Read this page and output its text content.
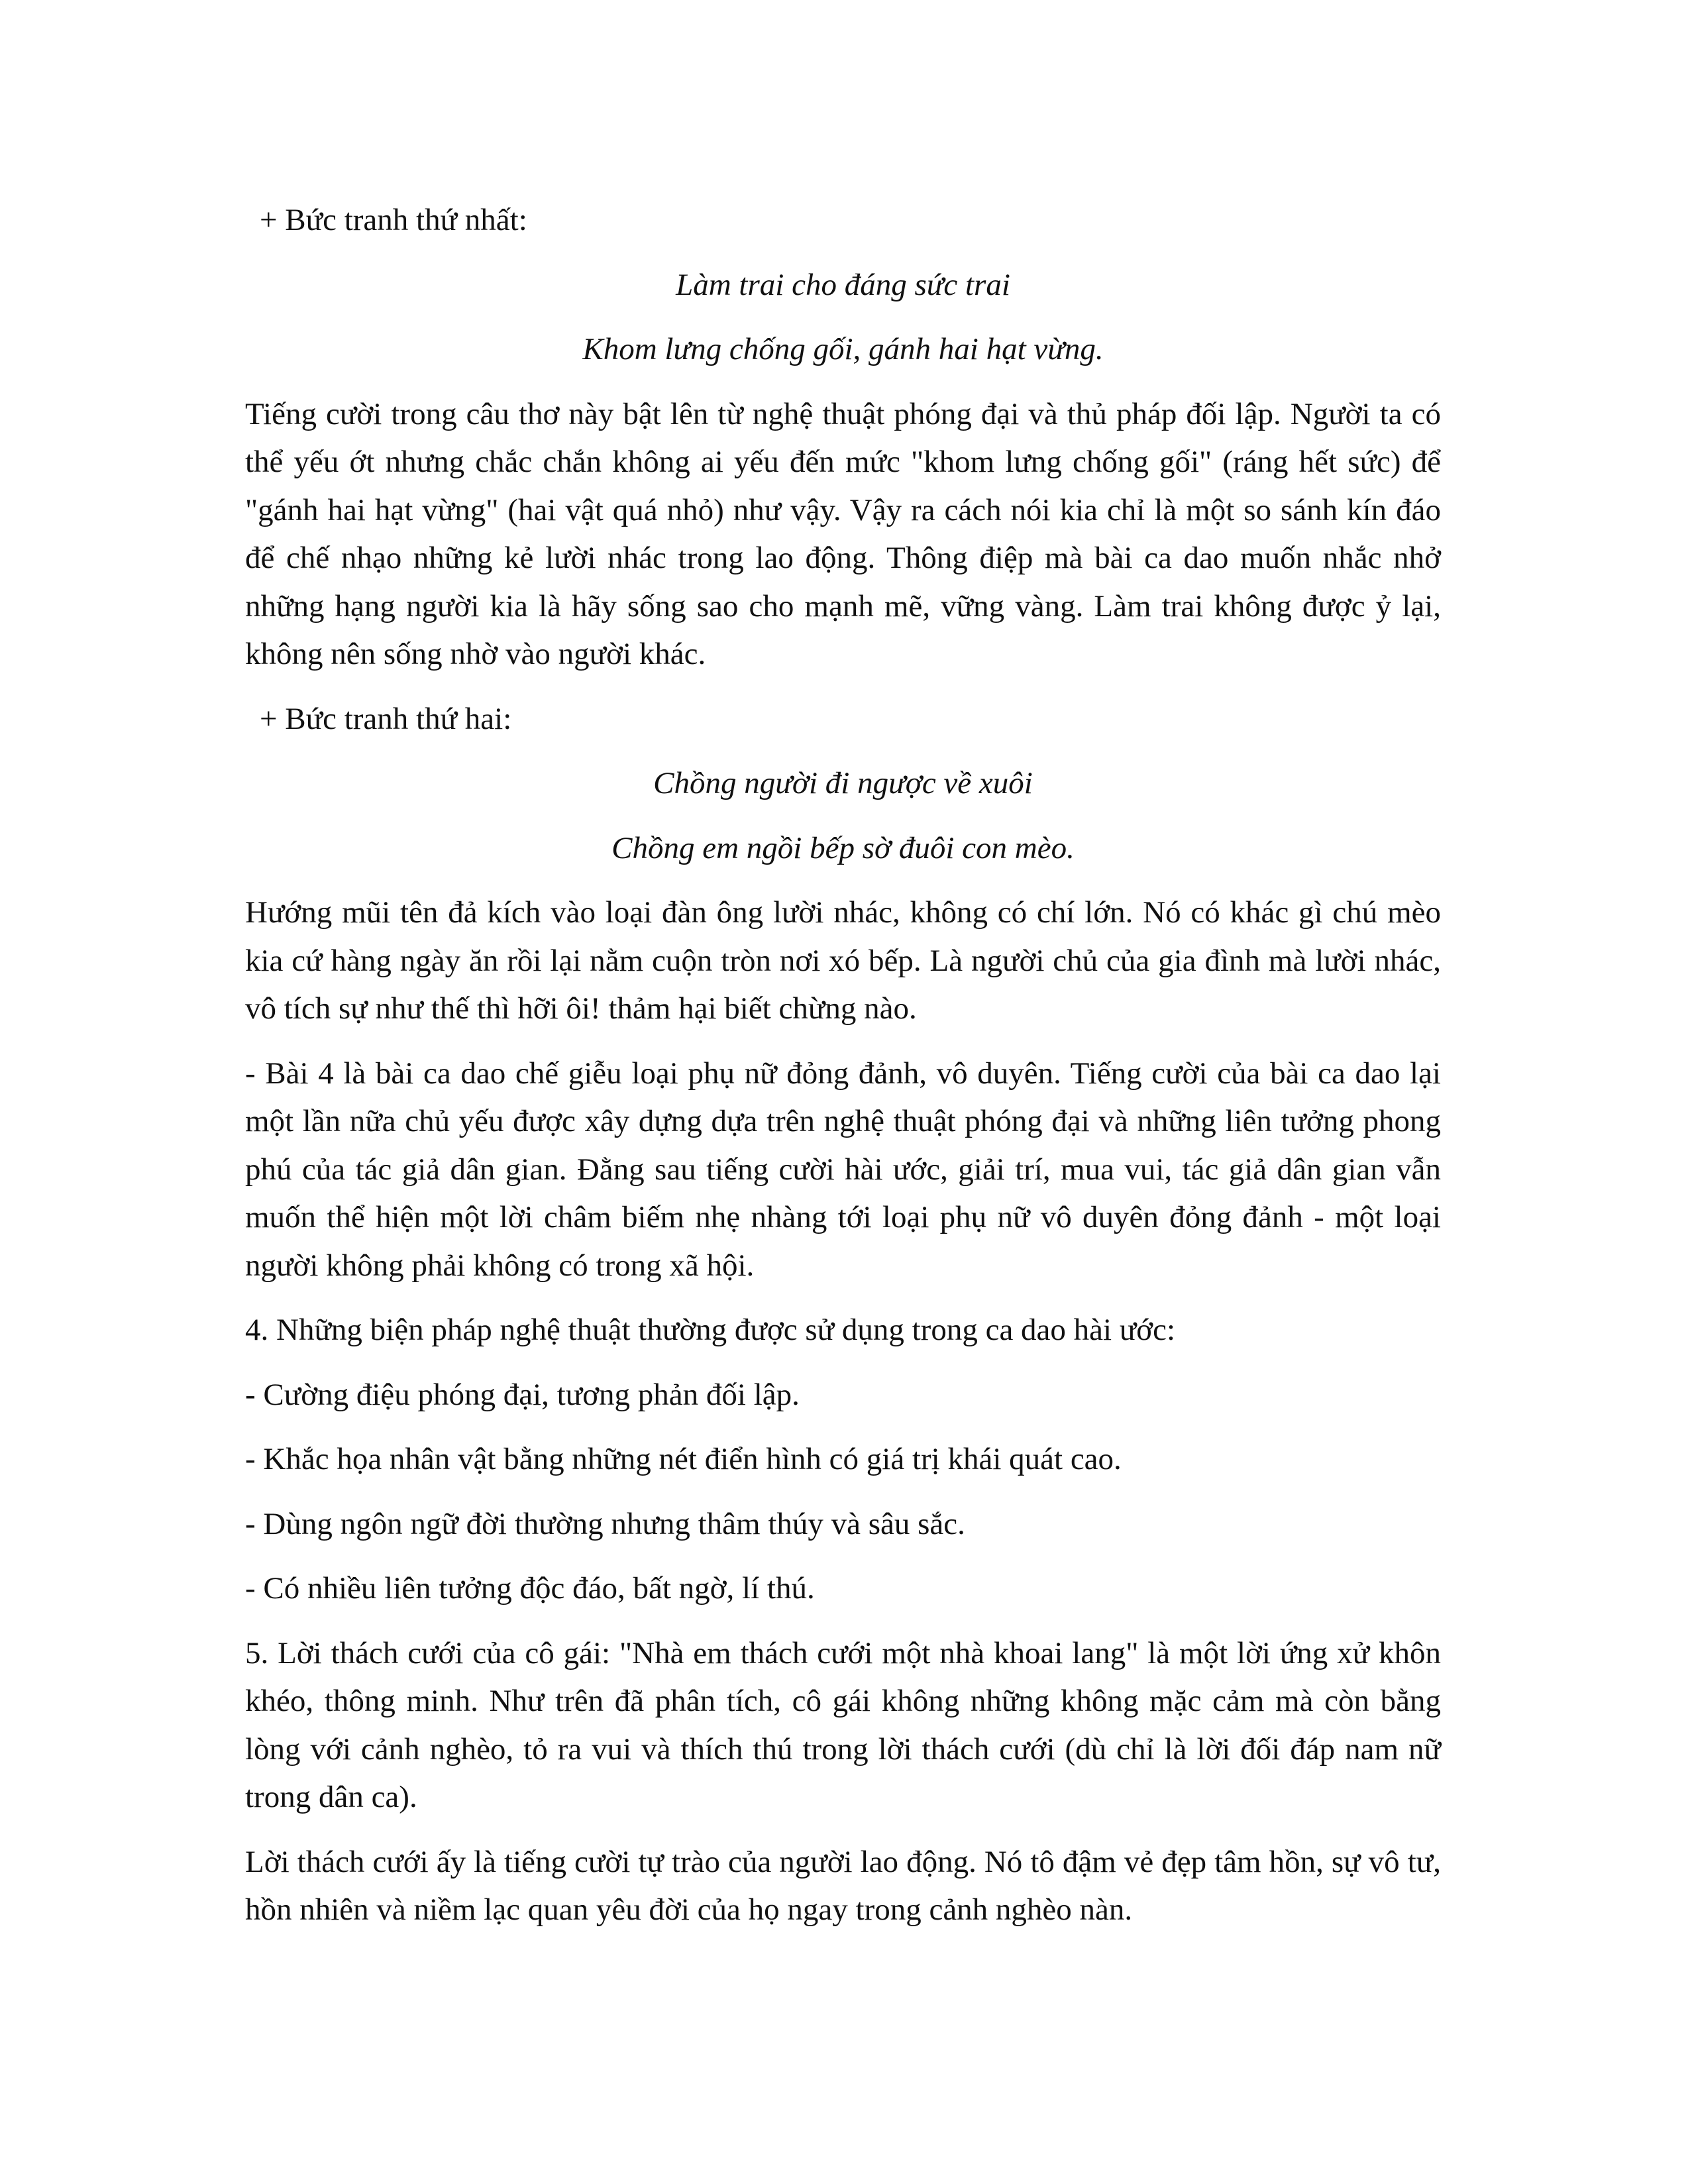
+ Bức tranh thứ nhất:

Làm trai cho đáng sức trai

Khom lưng chống gối, gánh hai hạt vừng.

Tiếng cười trong câu thơ này bật lên từ nghệ thuật phóng đại và thủ pháp đối lập. Người ta có thể yếu ớt nhưng chắc chắn không ai yếu đến mức "khom lưng chống gối" (ráng hết sức) để "gánh hai hạt vừng" (hai vật quá nhỏ) như vậy. Vậy ra cách nói kia chỉ là một so sánh kín đáo để chế nhạo những kẻ lười nhác trong lao động. Thông điệp mà bài ca dao muốn nhắc nhở những hạng người kia là hãy sống sao cho mạnh mẽ, vững vàng. Làm trai không được ỷ lại, không nên sống nhờ vào người khác.

+ Bức tranh thứ hai:

Chồng người đi ngược về xuôi

Chồng em ngồi bếp sờ đuôi con mèo.

Hướng mũi tên đả kích vào loại đàn ông lười nhác, không có chí lớn. Nó có khác gì chú mèo kia cứ hàng ngày ăn rồi lại nằm cuộn tròn nơi xó bếp. Là người chủ của gia đình mà lười nhác, vô tích sự như thế thì hỡi ôi! thảm hại biết chừng nào.

- Bài 4 là bài ca dao chế giễu loại phụ nữ đỏng đảnh, vô duyên. Tiếng cười của bài ca dao lại một lần nữa chủ yếu được xây dựng dựa trên nghệ thuật phóng đại và những liên tưởng phong phú của tác giả dân gian. Đằng sau tiếng cười hài ước, giải trí, mua vui, tác giả dân gian vẫn muốn thể hiện một lời châm biếm nhẹ nhàng tới loại phụ nữ vô duyên đỏng đảnh - một loại người không phải không có trong xã hội.

4. Những biện pháp nghệ thuật thường được sử dụng trong ca dao hài ước:

- Cường điệu phóng đại, tương phản đối lập.

- Khắc họa nhân vật bằng những nét điển hình có giá trị khái quát cao.

- Dùng ngôn ngữ đời thường nhưng thâm thúy và sâu sắc.

- Có nhiều liên tưởng độc đáo, bất ngờ, lí thú.

5. Lời thách cưới của cô gái: "Nhà em thách cưới một nhà khoai lang" là một lời ứng xử khôn khéo, thông minh. Như trên đã phân tích, cô gái không những không mặc cảm mà còn bằng lòng với cảnh nghèo, tỏ ra vui và thích thú trong lời thách cưới (dù chỉ là lời đối đáp nam nữ trong dân ca).

Lời thách cưới ấy là tiếng cười tự trào của người lao động. Nó tô đậm vẻ đẹp tâm hồn, sự vô tư, hồn nhiên và niềm lạc quan yêu đời của họ ngay trong cảnh nghèo nàn.
